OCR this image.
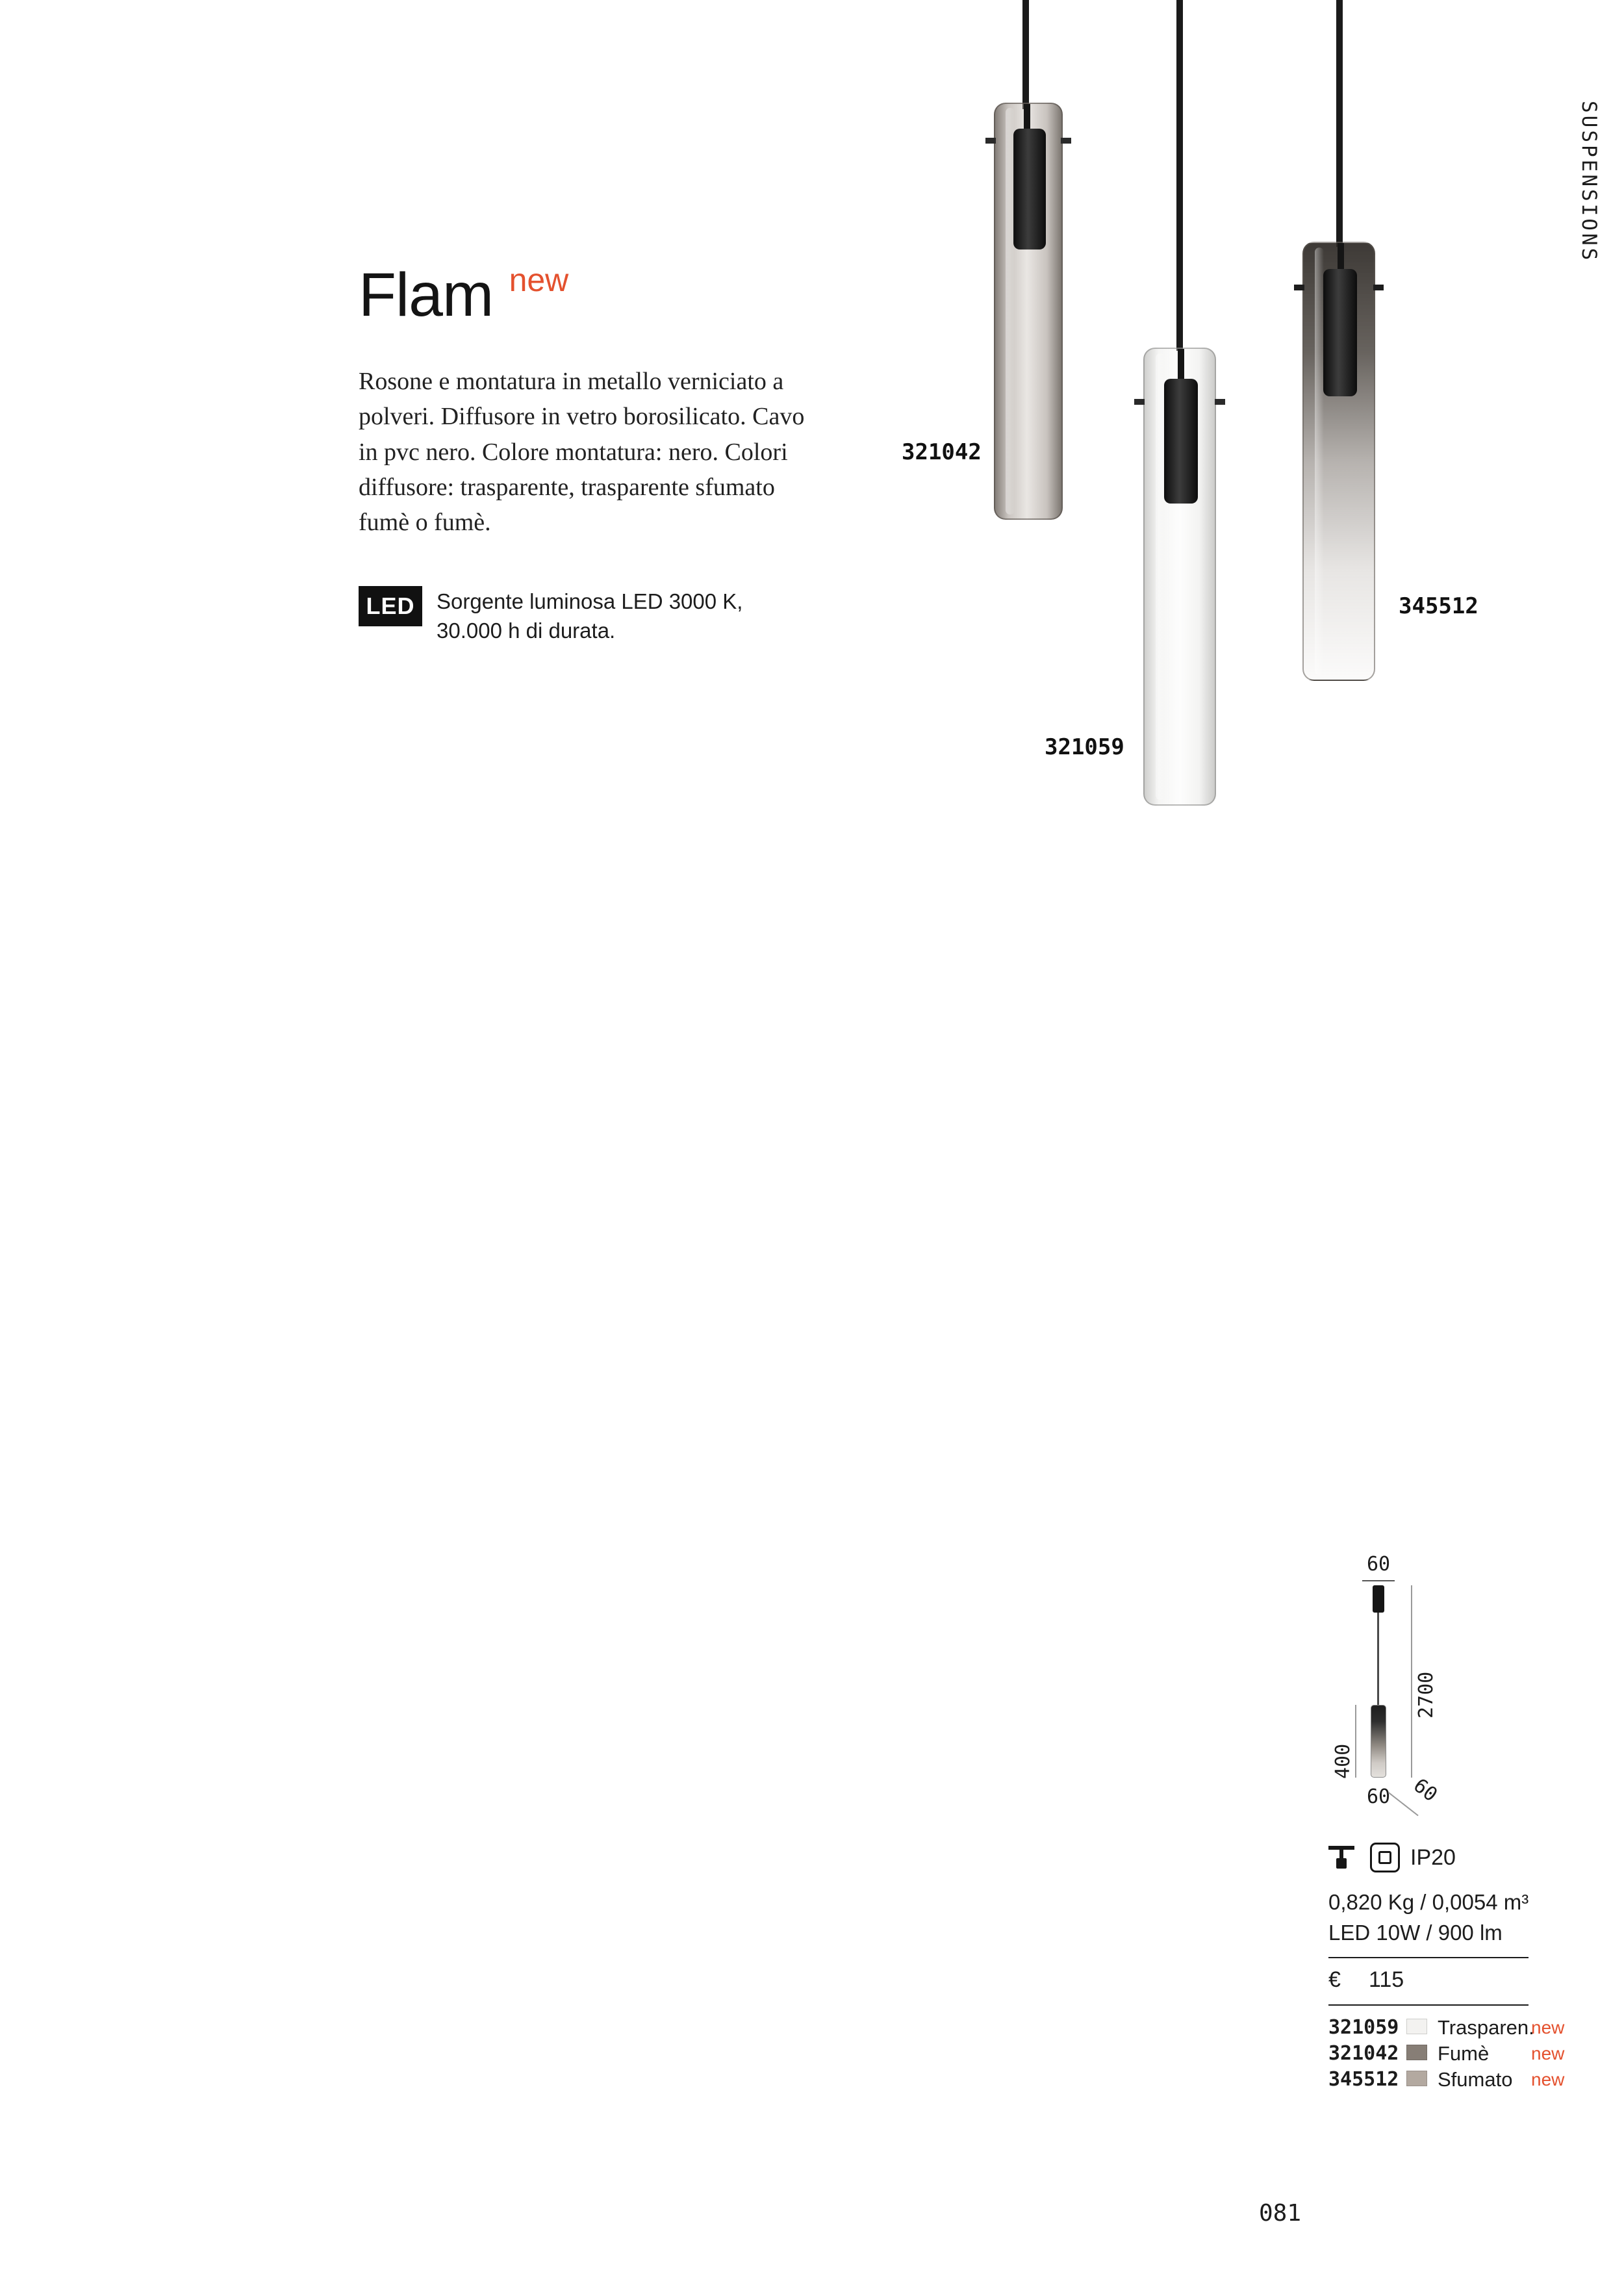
SUSPENSIONS
Flam new

Rosone e montatura in metallo verniciato a polveri. Diffusore in vetro borosilicato. Cavo in pvc nero. Colore montatura: nero. Colori diffusore: trasparente, trasparente sfumato fumè o fumè.

LED	Sorgente luminosa LED 3000 K,
30.000 h di durata.
321042
321059
345512
60
2700
400
60 60
IP20
0,820 Kg / 0,0054 m³
LED 10W / 900 lm
€ 115
321059 Trasparen.
new
321042 Fumè new
345512 Sfumato new
081
